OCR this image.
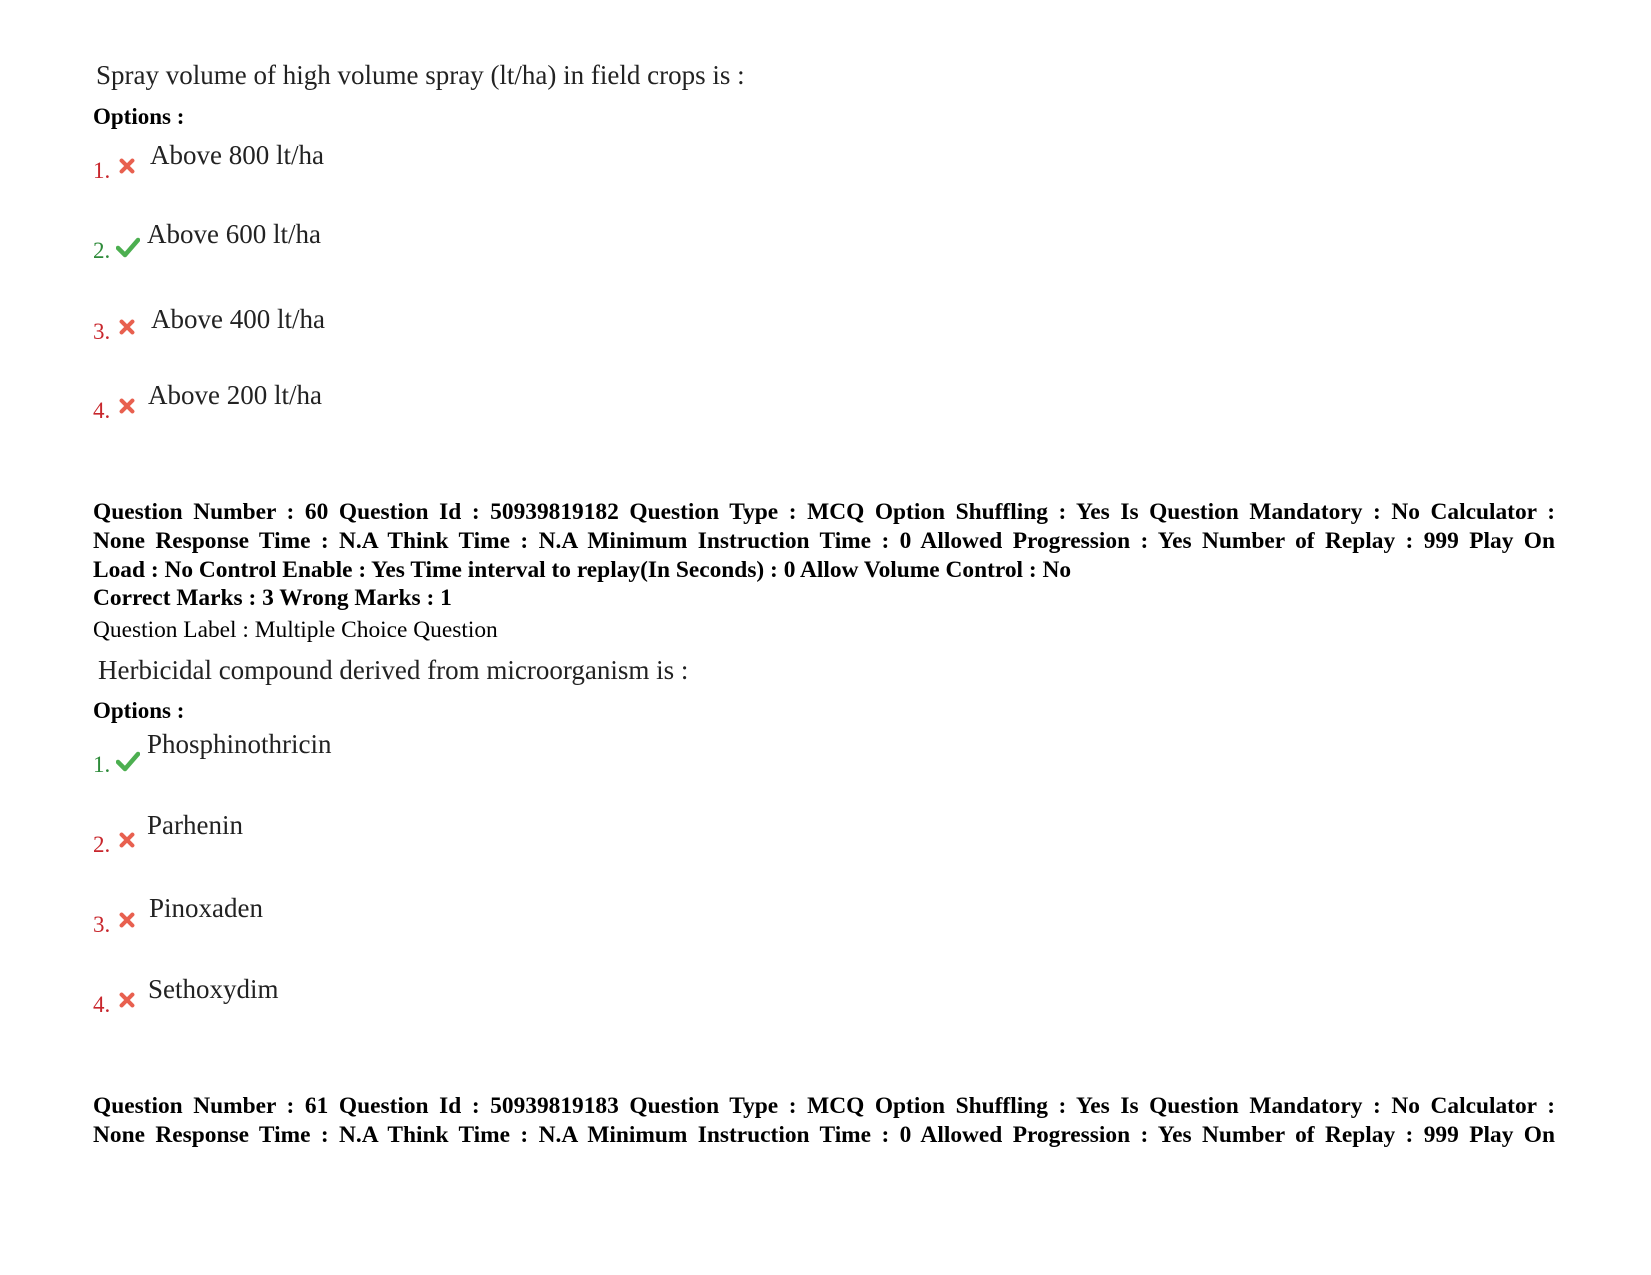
Spray volume of high volume spray (lt/ha) in field crops is :
Options :
1.
Above 800 lt/ha
2.
Above 600 lt/ha
3. Above 400 lt/ha
4.
Above 200 lt/ha
Question Number : 60 Question Id : 50939819182 Question Type : MCQ Option Shuffling : Yes Is Question Mandatory : No Calculator :
None Response Time : N.A Think Time : N.A Minimum Instruction Time : 0 Allowed Progression : Yes Number of Replay : 999 Play On
Load : No Control Enable : Yes Time interval to replay(In Seconds) : 0 Allow Volume Control : No
Correct Marks : 3 Wrong Marks : 1
Question Label : Multiple Choice Question
Herbicidal compound derived from microorganism is :
Options :
1.
Phosphinothricin
2.
Parhenin
3.
Pinoxaden
4.
Sethoxydim
Question Number : 61 Question Id : 50939819183 Question Type : MCQ Option Shuffling : Yes Is Question Mandatory : No Calculator :
None Response Time : N.A Think Time : N.A Minimum Instruction Time : 0 Allowed Progression : Yes Number of Replay : 999 Play On
